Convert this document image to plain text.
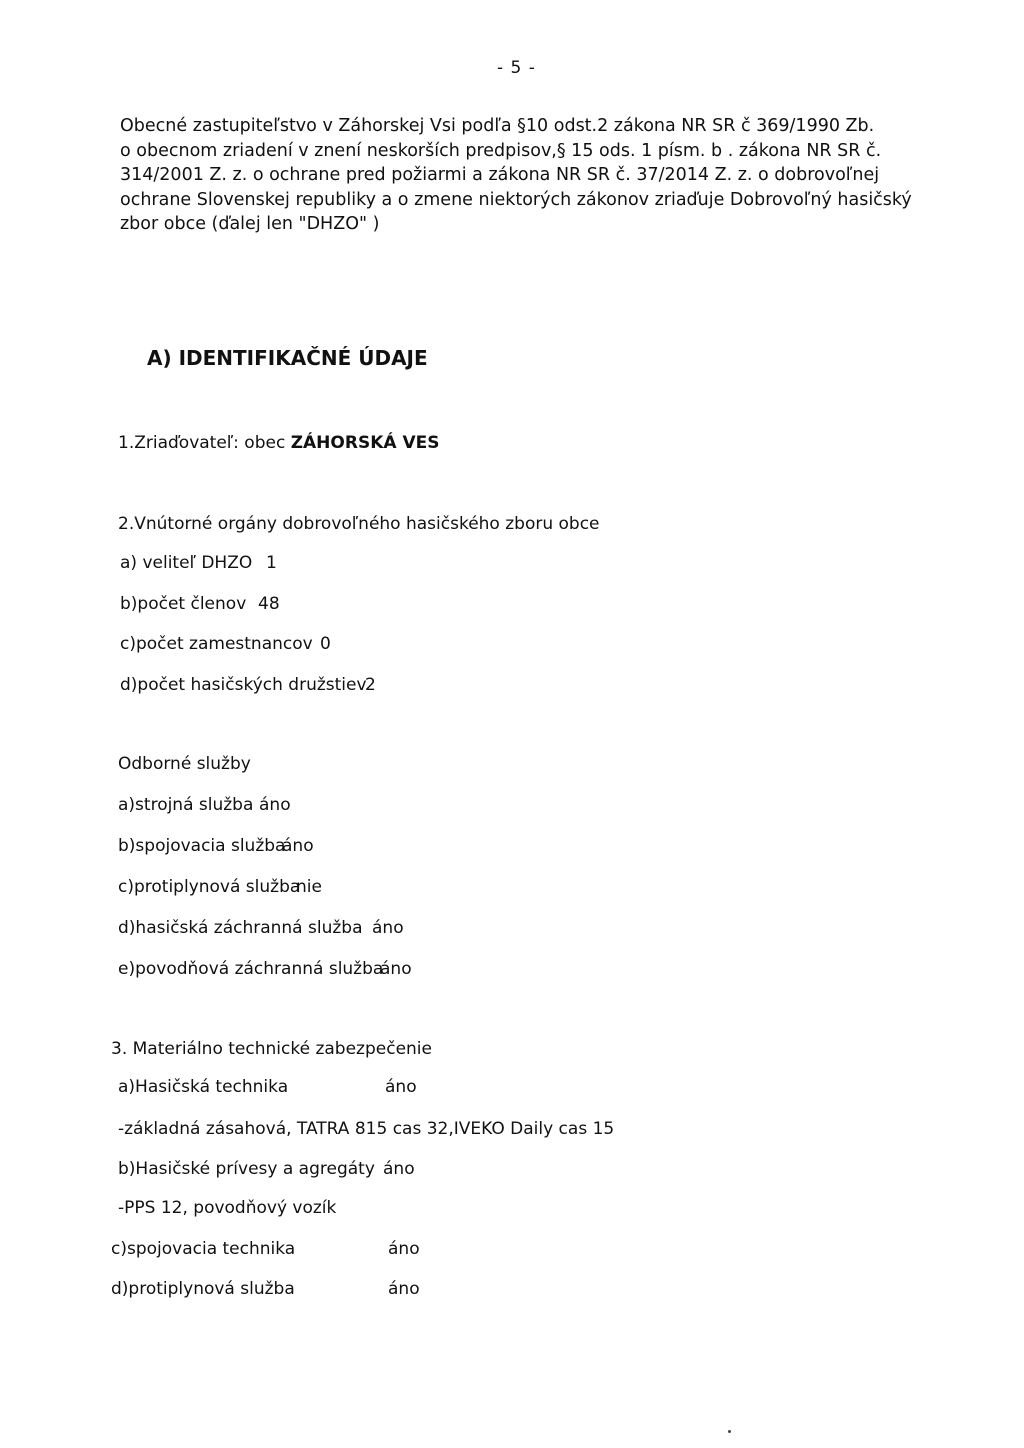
- 5 -
Obecné zastupiteľstvo v Záhorskej Vsi podľa §10 odst.2 zákona NR SR č 369/1990 Zb.
o obecnom zriadení v znení neskorších predpisov,§ 15 ods. 1 písm. b . zákona NR SR č.
314/2001 Z. z. o ochrane pred požiarmi a zákona NR SR č. 37/2014 Z. z. o dobrovoľnej
ochrane Slovenskej republiky a o zmene niektorých zákonov zriaďuje Dobrovoľný hasičský
zbor obce (ďalej len "DHZO" )
A) IDENTIFIKAČNÉ ÚDAJE
1.Zriaďovateľ: obec ZÁHORSKÁ VES
2.Vnútorné orgány dobrovoľného hasičského zboru obce
a) veliteľ DHZO 1
b)počet členov 48
c)počet zamestnancov 0
d)počet hasičských družstiev
2
Odborné služby
a)strojná služba áno
b)spojovacia služba
áno
c)protiplynová služba
nie
d)hasičská záchranná služba áno
e)povodňová záchranná služba
áno
3. Materiálno technické zabezpečenie
a)Hasičská technika	áno
-základná zásahová, TATRA 815 cas 32,IVEKO Daily cas 15
b)Hasičské prívesy a agregáty áno
-PPS 12, povodňový vozík
c)spojovacia technika	áno
d)protiplynová služba	áno
